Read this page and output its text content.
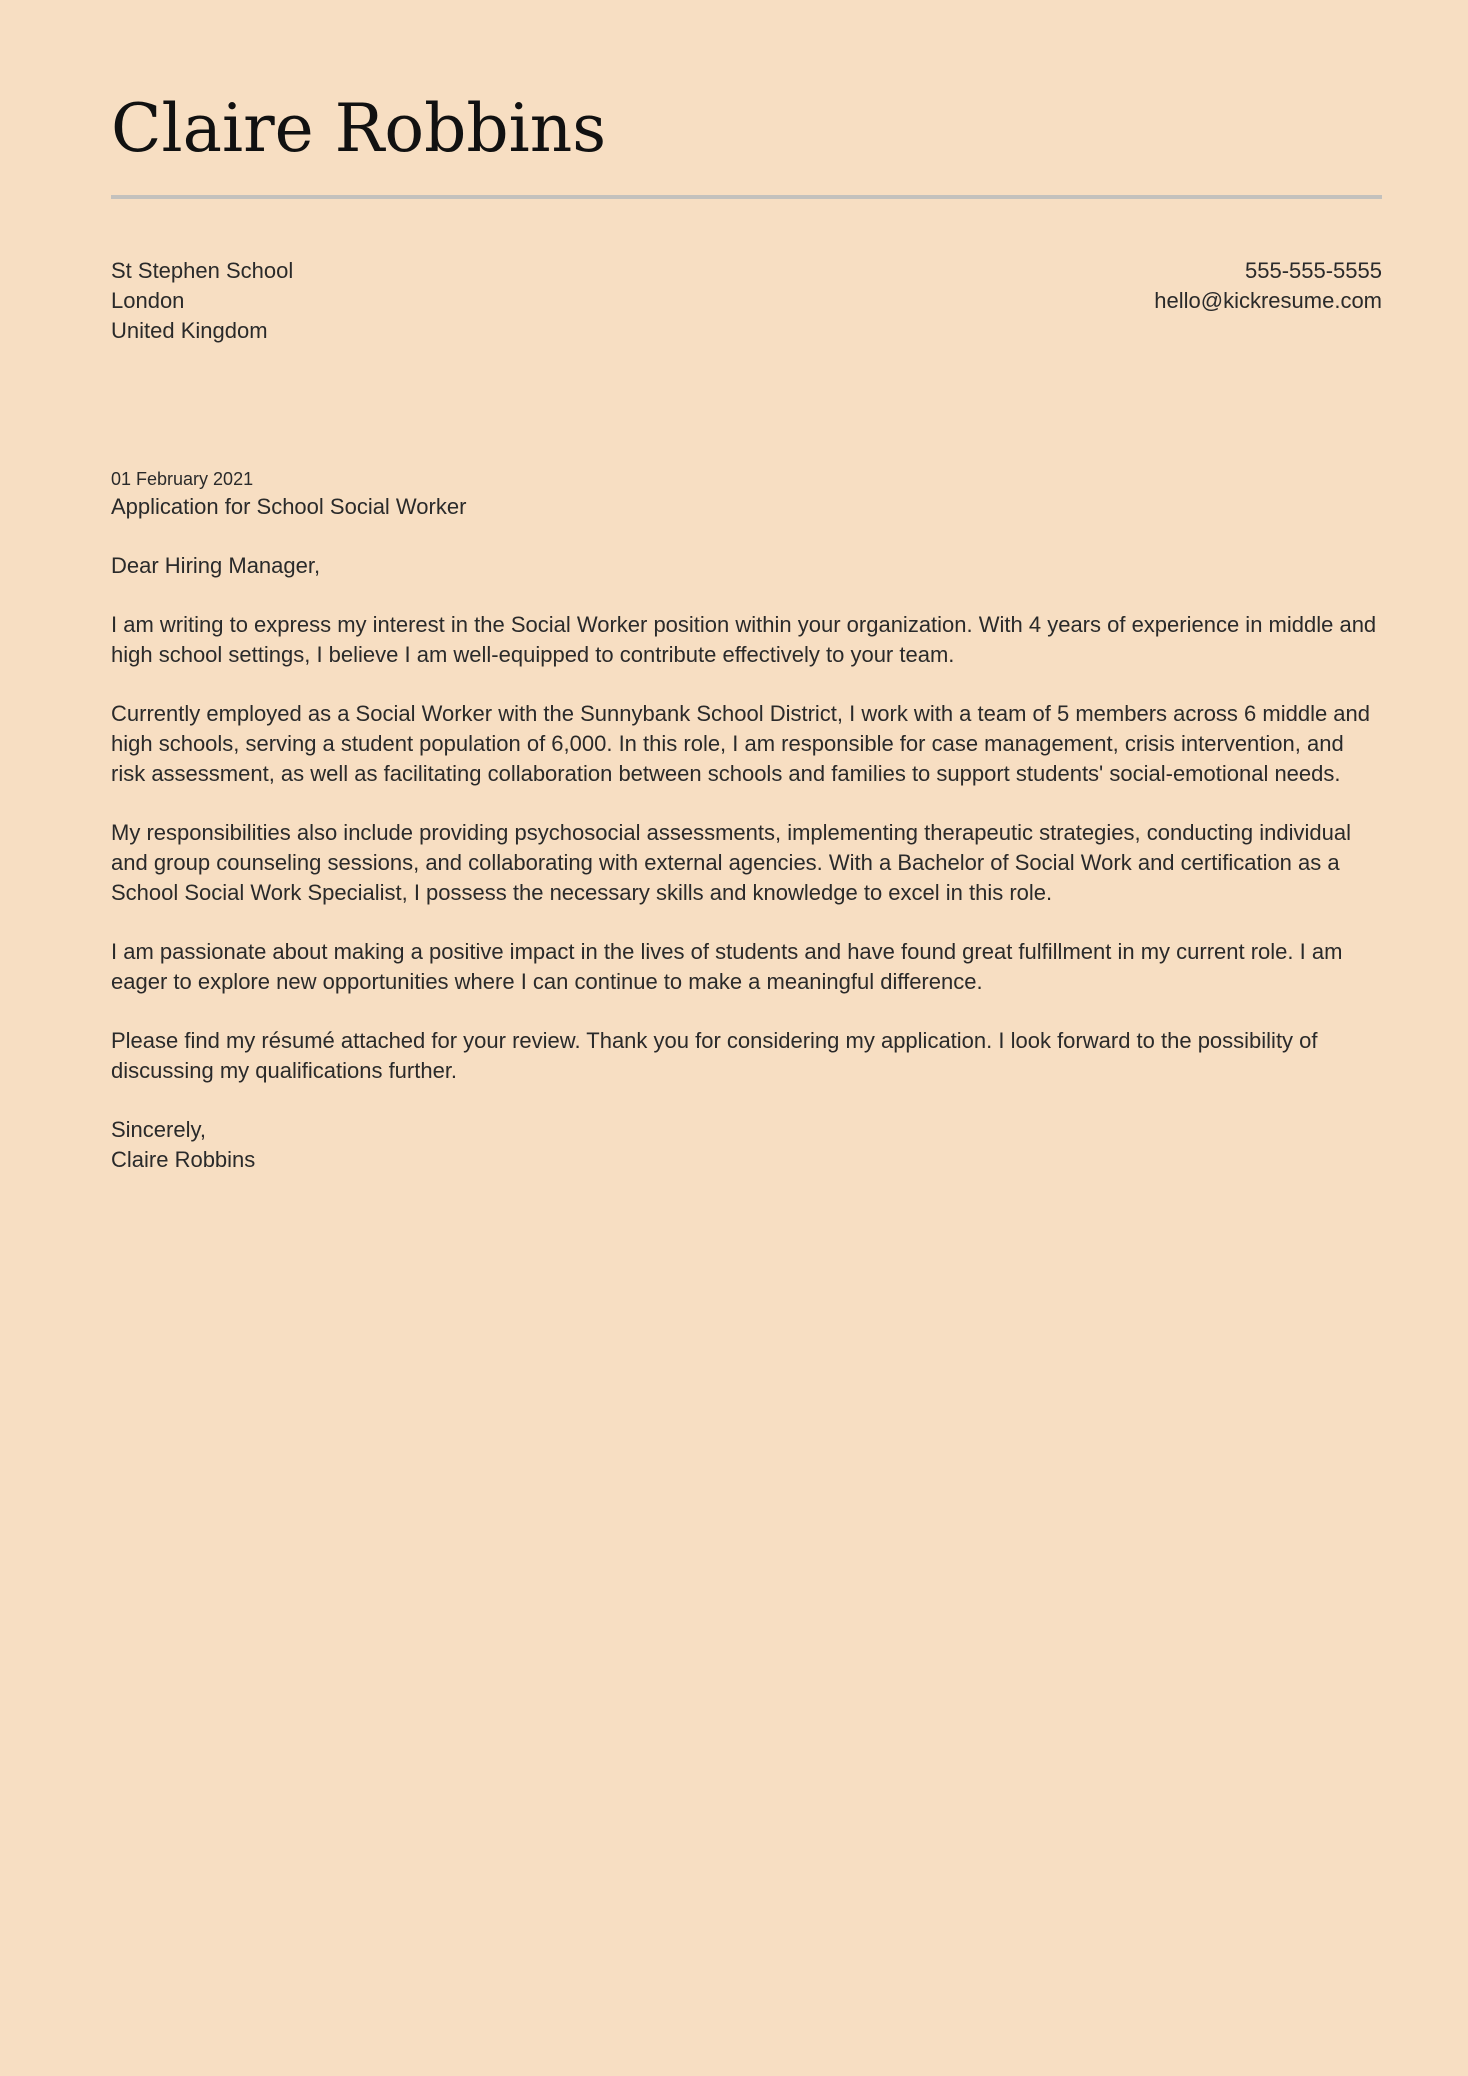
Claire Robbins
St Stephen School
London
United Kingdom
555-555-5555
hello@kickresume.com
01 February 2021
Application for School Social Worker

Dear Hiring Manager,

I am writing to express my interest in the Social Worker position within your organization. With 4 years of experience in middle and high school settings, I believe I am well-equipped to contribute effectively to your team.

Currently employed as a Social Worker with the Sunnybank School District, I work with a team of 5 members across 6 middle and high schools, serving a student population of 6,000. In this role, I am responsible for case management, crisis intervention, and risk assessment, as well as facilitating collaboration between schools and families to support students' social-emotional needs.

My responsibilities also include providing psychosocial assessments, implementing therapeutic strategies, conducting individual and group counseling sessions, and collaborating with external agencies. With a Bachelor of Social Work and certification as a School Social Work Specialist, I possess the necessary skills and knowledge to excel in this role.

I am passionate about making a positive impact in the lives of students and have found great fulfillment in my current role. I am eager to explore new opportunities where I can continue to make a meaningful difference.

Please find my résumé attached for your review. Thank you for considering my application. I look forward to the possibility of discussing my qualifications further.

Sincerely,
Claire Robbins
